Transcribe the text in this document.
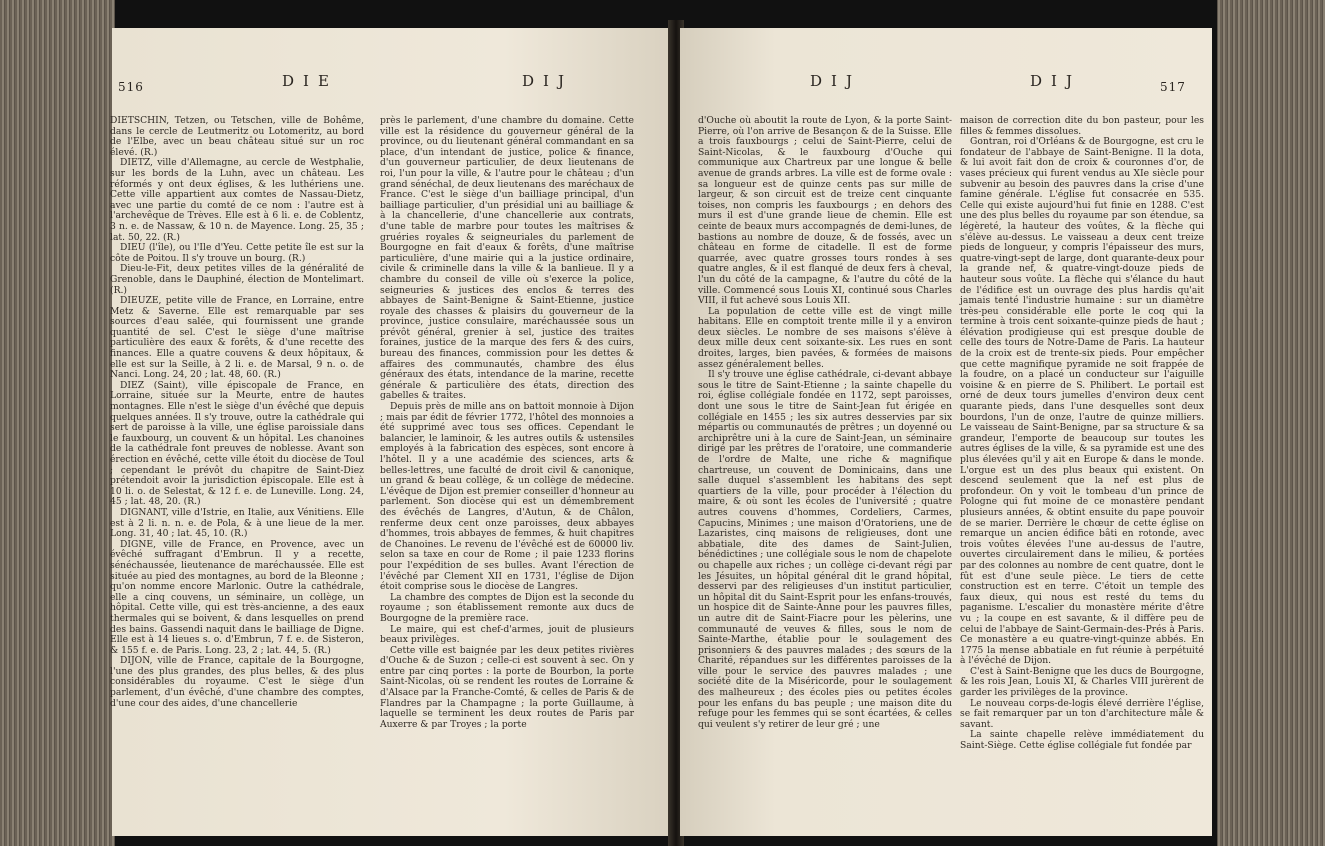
516	DIE	DIJ

DIETSCHIN, Tetzen, ou Tetschen, ville de Bohême, dans le cercle de Leutmeritz ou Lotomeritz, au bord de l'Elbe, avec un beau château situé sur un roc élevé. (R.)

DIETZ, ville d'Allemagne, au cercle de Westphalie, sur les bords de la Luhn, avec un château. Les réformés y ont deux églises, & les luthériens une. Cette ville appartient aux comtes de Nassau-Dietz, avec une partie du comté de ce nom : l'autre est à l'archevêque de Trèves. Elle est à 6 li. e. de Coblentz, 3 n. e. de Nassaw, & 10 n. de Mayence. Long. 25, 35 ; lat. 50, 22. (R.)

DIEU (l'île), ou l'Ile d'Yeu. Cette petite île est sur la côte de Poitou. Il s'y trouve un bourg. (R.)

Dieu-le-Fit, deux petites villes de la généralité de Grenoble, dans le Dauphiné, élection de Montelimart. (R.)

DIEUZE, petite ville de France, en Lorraine, entre Metz & Saverne. Elle est remarquable par ses sources d'eau salée, qui fournissent une grande quantité de sel. C'est le siège d'une maîtrise particulière des eaux & forêts, & d'une recette des finances. Elle a quatre couvens & deux hôpitaux, & elle est sur la Seille, à 2 li. e. de Marsal, 9 n. o. de Nanci. Long. 24, 20 ; lat. 48, 60. (R.)

DIEZ (Saint), ville épiscopale de France, en Lorraine, située sur la Meurte, entre de hautes montagnes. Elle n'est le siège d'un évêché que depuis quelques années. Il s'y trouve, outre la cathédrale qui sert de paroisse à la ville, une église paroissiale dans le fauxbourg, un couvent & un hôpital. Les chanoines de la cathédrale font preuves de noblesse. Avant son érection en évêché, cette ville étoit du diocèse de Toul ; cependant le prévôt du chapitre de Saint-Diez prétendoit avoir la jurisdiction épiscopale. Elle est à 10 li. o. de Selestat, & 12 f. e. de Luneville. Long. 24, 45 ; lat. 48, 20. (R.)

DIGNANT, ville d'Istrie, en Italie, aux Vénitiens. Elle est à 2 li. n. n. e. de Pola, & à une lieue de la mer. Long. 31, 40 ; lat. 45, 10. (R.)

DIGNE, ville de France, en Provence, avec un évêché suffragant d'Embrun. Il y a recette, sénéchaussée, lieutenance de maréchaussée. Elle est située au pied des montagnes, au bord de la Bleonne ; qu'on nomme encore Marlonic. Outre la cathédrale, elle a cinq couvens, un séminaire, un collège, un hôpital. Cette ville, qui est très-ancienne, a des eaux thermales qui se boivent, & dans lesquelles on prend des bains. Gassendi naquit dans le bailliage de Digne. Elle est à 14 lieues s. o. d'Embrun, 7 f. e. de Sisteron, & 155 f. e. de Paris. Long. 23, 2 ; lat. 44, 5. (R.)

DIJON, ville de France, capitale de la Bourgogne, l'une des plus grandes, des plus belles, & des plus considérables du royaume. C'est le siège d'un parlement, d'un évêché, d'une chambre des comptes, d'une cour des aides, d'une chancellerie

près le parlement, d'une chambre du domaine. Cette ville est la résidence du gouverneur général de la province, ou du lieutenant général commandant en sa place, d'un intendant de justice, police & finance, d'un gouverneur particulier, de deux lieutenans de roi, l'un pour la ville, & l'autre pour le château ; d'un grand sénéchal, de deux lieutenans des maréchaux de France. C'est le siège d'un bailliage principal, d'un bailliage particulier, d'un présidial uni au bailliage & à la chancellerie, d'une chancellerie aux contrats, d'une table de marbre pour toutes les maîtrises & gruéries royales & seigneuriales du parlement de Bourgogne en fait d'eaux & forêts, d'une maîtrise particulière, d'une mairie qui a la justice ordinaire, civile & criminelle dans la ville & la banlieue. Il y a chambre du conseil de ville où s'exerce la police, seigneuries & justices des enclos & terres des abbayes de Saint-Benigne & Saint-Etienne, justice royale des chasses & plaisirs du gouverneur de la province, justice consulaire, maréchaussée sous un prévôt général, grenier à sel, justice des traites foraines, justice de la marque des fers & des cuirs, bureau des finances, commission pour les dettes & affaires des communautés, chambre des élus généraux des états, intendance de la marine, recette générale & particulière des états, direction des gabelles & traites.

Depuis près de mille ans on battoit monnoie à Dijon ; mais par édit de février 1772, l'hôtel des monnoies a été supprimé avec tous ses offices. Cependant le balancier, le laminoir, & les autres outils & ustensiles employés à la fabrication des espèces, sont encore à l'hôtel. Il y a une académie des sciences, arts & belles-lettres, une faculté de droit civil & canonique, un grand & beau collège, & un collège de médecine. L'évêque de Dijon est premier conseiller d'honneur au parlement. Son diocèse qui est un démembrement des évêchés de Langres, d'Autun, & de Châlon, renferme deux cent onze paroisses, deux abbayes d'hommes, trois abbayes de femmes, & huit chapitres de Chanoines. Le revenu de l'évêché est de 60000 liv. selon sa taxe en cour de Rome ; il paie 1233 florins pour l'expédition de ses bulles. Avant l'érection de l'évêché par Clement XII en 1731, l'église de Dijon étoit comprise sous le diocèse de Langres.

La chambre des comptes de Dijon est la seconde du royaume ; son établissement remonte aux ducs de Bourgogne de la première race.

Le maire, qui est chef-d'armes, jouit de plusieurs beaux privilèges.

Cette ville est baignée par les deux petites rivières d'Ouche & de Suzon ; celle-ci est souvent à sec. On y entre par cinq portes : la porte de Bourbon, la porte Saint-Nicolas, où se rendent les routes de Lorraine & d'Alsace par la Franche-Comté, & celles de Paris & de Flandres par la Champagne ; la porte Guillaume, à laquelle se terminent les deux routes de Paris par Auxerre & par Troyes ; la porte

DIJ	DIJ	517

d'Ouche où aboutit la route de Lyon, & la porte Saint-Pierre, où l'on arrive de Besançon & de la Suisse. Elle a trois fauxbourgs ; celui de Saint-Pierre, celui de Saint-Nicolas, & le fauxbourg d'Ouche qui communique aux Chartreux par une longue & belle avenue de grands arbres. La ville est de forme ovale : sa longueur est de quinze cents pas sur mille de largeur, & son circuit est de treize cent cinquante toises, non compris les fauxbourgs ; en dehors des murs il est d'une grande lieue de chemin. Elle est ceinte de beaux murs accompagnés de demi-lunes, de bastions au nombre de douze, & de fossés, avec un château en forme de citadelle. Il est de forme quarrée, avec quatre grosses tours rondes à ses quatre angles, & il est flanqué de deux fers à cheval, l'un du côté de la campagne, & l'autre du côté de la ville. Commencé sous Louis XI, continué sous Charles VIII, il fut achevé sous Louis XII.

La population de cette ville est de vingt mille habitans. Elle en comptoit trente mille il y a environ deux siècles. Le nombre de ses maisons s'élève à deux mille deux cent soixante-six. Les rues en sont droites, larges, bien pavées, & formées de maisons assez généralement belles.

Il s'y trouve une église cathédrale, ci-devant abbaye sous le titre de Saint-Etienne ; la sainte chapelle du roi, église collégiale fondée en 1172, sept paroisses, dont une sous le titre de Saint-Jean fut érigée en collégiale en 1455 ; les six autres desservies par six mépartis ou communautés de prêtres ; un doyenné ou archiprêtre uni à la cure de Saint-Jean, un séminaire dirigé par les prêtres de l'oratoire, une commanderie de l'ordre de Malte, une riche & magnifique chartreuse, un couvent de Dominicains, dans une salle duquel s'assemblent les habitans des sept quartiers de la ville, pour procéder à l'élection du maire, & où sont les écoles de l'université ; quatre autres couvens d'hommes, Cordeliers, Carmes, Capucins, Minimes ; une maison d'Oratoriens, une de Lazaristes, cinq maisons de religieuses, dont une abbatiale, dite des dames de Saint-Julien, bénédictines ; une collégiale sous le nom de chapelote ou chapelle aux riches ; un collège ci-devant régi par les Jésuites, un hôpital général dit le grand hôpital, desservi par des religieuses d'un institut particulier, un hôpital dit du Saint-Esprit pour les enfans-trouvés, un hospice dit de Sainte-Anne pour les pauvres filles, un autre dit de Saint-Fiacre pour les pèlerins, une communauté de veuves & filles, sous le nom de Sainte-Marthe, établie pour le soulagement des prisonniers & des pauvres malades ; des sœurs de la Charité, répandues sur les différentes paroisses de la ville pour le service des pauvres malades ; une société dite de la Miséricorde, pour le soulagement des malheureux ; des écoles pies ou petites écoles pour les enfans du bas peuple ; une maison dite du refuge pour les femmes qui se sont écartées, & celles qui veulent s'y retirer de leur gré ; une

maison de correction dite du bon pasteur, pour les filles & femmes dissolues.

Gontran, roi d'Orléans & de Bourgogne, est cru le fondateur de l'abbaye de Saint-Benigne. Il la dota, & lui avoit fait don de croix & couronnes d'or, de vases précieux qui furent vendus au XIe siècle pour subvenir au besoin des pauvres dans la crise d'une famine générale. L'église fut consacrée en 535. Celle qui existe aujourd'hui fut finie en 1288. C'est une des plus belles du royaume par son étendue, sa légèreté, la hauteur des voûtes, & la flèche qui s'élève au-dessus. Le vaisseau a deux cent treize pieds de longueur, y compris l'épaisseur des murs, quatre-vingt-sept de large, dont quarante-deux pour la grande nef, & quatre-vingt-douze pieds de hauteur sous voûte. La flèche qui s'élance du haut de l'édifice est un ouvrage des plus hardis qu'ait jamais tenté l'industrie humaine : sur un diamètre très-peu considérable elle porte le coq qui la termine à trois cent soixante-quinze pieds de haut ; élévation prodigieuse qui est presque double de celle des tours de Notre-Dame de Paris. La hauteur de la croix est de trente-six pieds. Pour empêcher que cette magnifique pyramide ne soit frappée de la foudre, on a placé un conducteur sur l'aiguille voisine & en pierre de S. Philibert. Le portail est orné de deux tours jumelles d'environ deux cent quarante pieds, dans l'une desquelles sont deux bourdons, l'un de onze, l'autre de quinze milliers. Le vaisseau de Saint-Benigne, par sa structure & sa grandeur, l'emporte de beaucoup sur toutes les autres églises de la ville, & sa pyramide est une des plus élevées qu'il y ait en Europe & dans le monde. L'orgue est un des plus beaux qui existent. On descend seulement que la nef est plus de profondeur. On y voit le tombeau d'un prince de Pologne qui fut moine de ce monastère pendant plusieurs années, & obtint ensuite du pape pouvoir de se marier. Derrière le chœur de cette église on remarque un ancien édifice bâti en rotonde, avec trois voûtes élevées l'une au-dessus de l'autre, ouvertes circulairement dans le milieu, & portées par des colonnes au nombre de cent quatre, dont le fût est d'une seule pièce. Le tiers de cette construction est en terre. C'étoit un temple des faux dieux, qui nous est resté du tems du paganisme. L'escalier du monastère mérite d'être vu ; la coupe en est savante, & il diffère peu de celui de l'abbaye de Saint-Germain-des-Prés à Paris. Ce monastère a eu quatre-vingt-quinze abbés. En 1775 la mense abbatiale en fut réunie à perpétuité à l'évêché de Dijon.

C'est à Saint-Benigne que les ducs de Bourgogne, & les rois Jean, Louis XI, & Charles VIII jurèrent de garder les privilèges de la province.

Le nouveau corps-de-logis élevé derrière l'église, se fait remarquer par un ton d'architecture mâle & savant.

La sainte chapelle relève immédiatement du Saint-Siège. Cette église collégiale fut fondée par
